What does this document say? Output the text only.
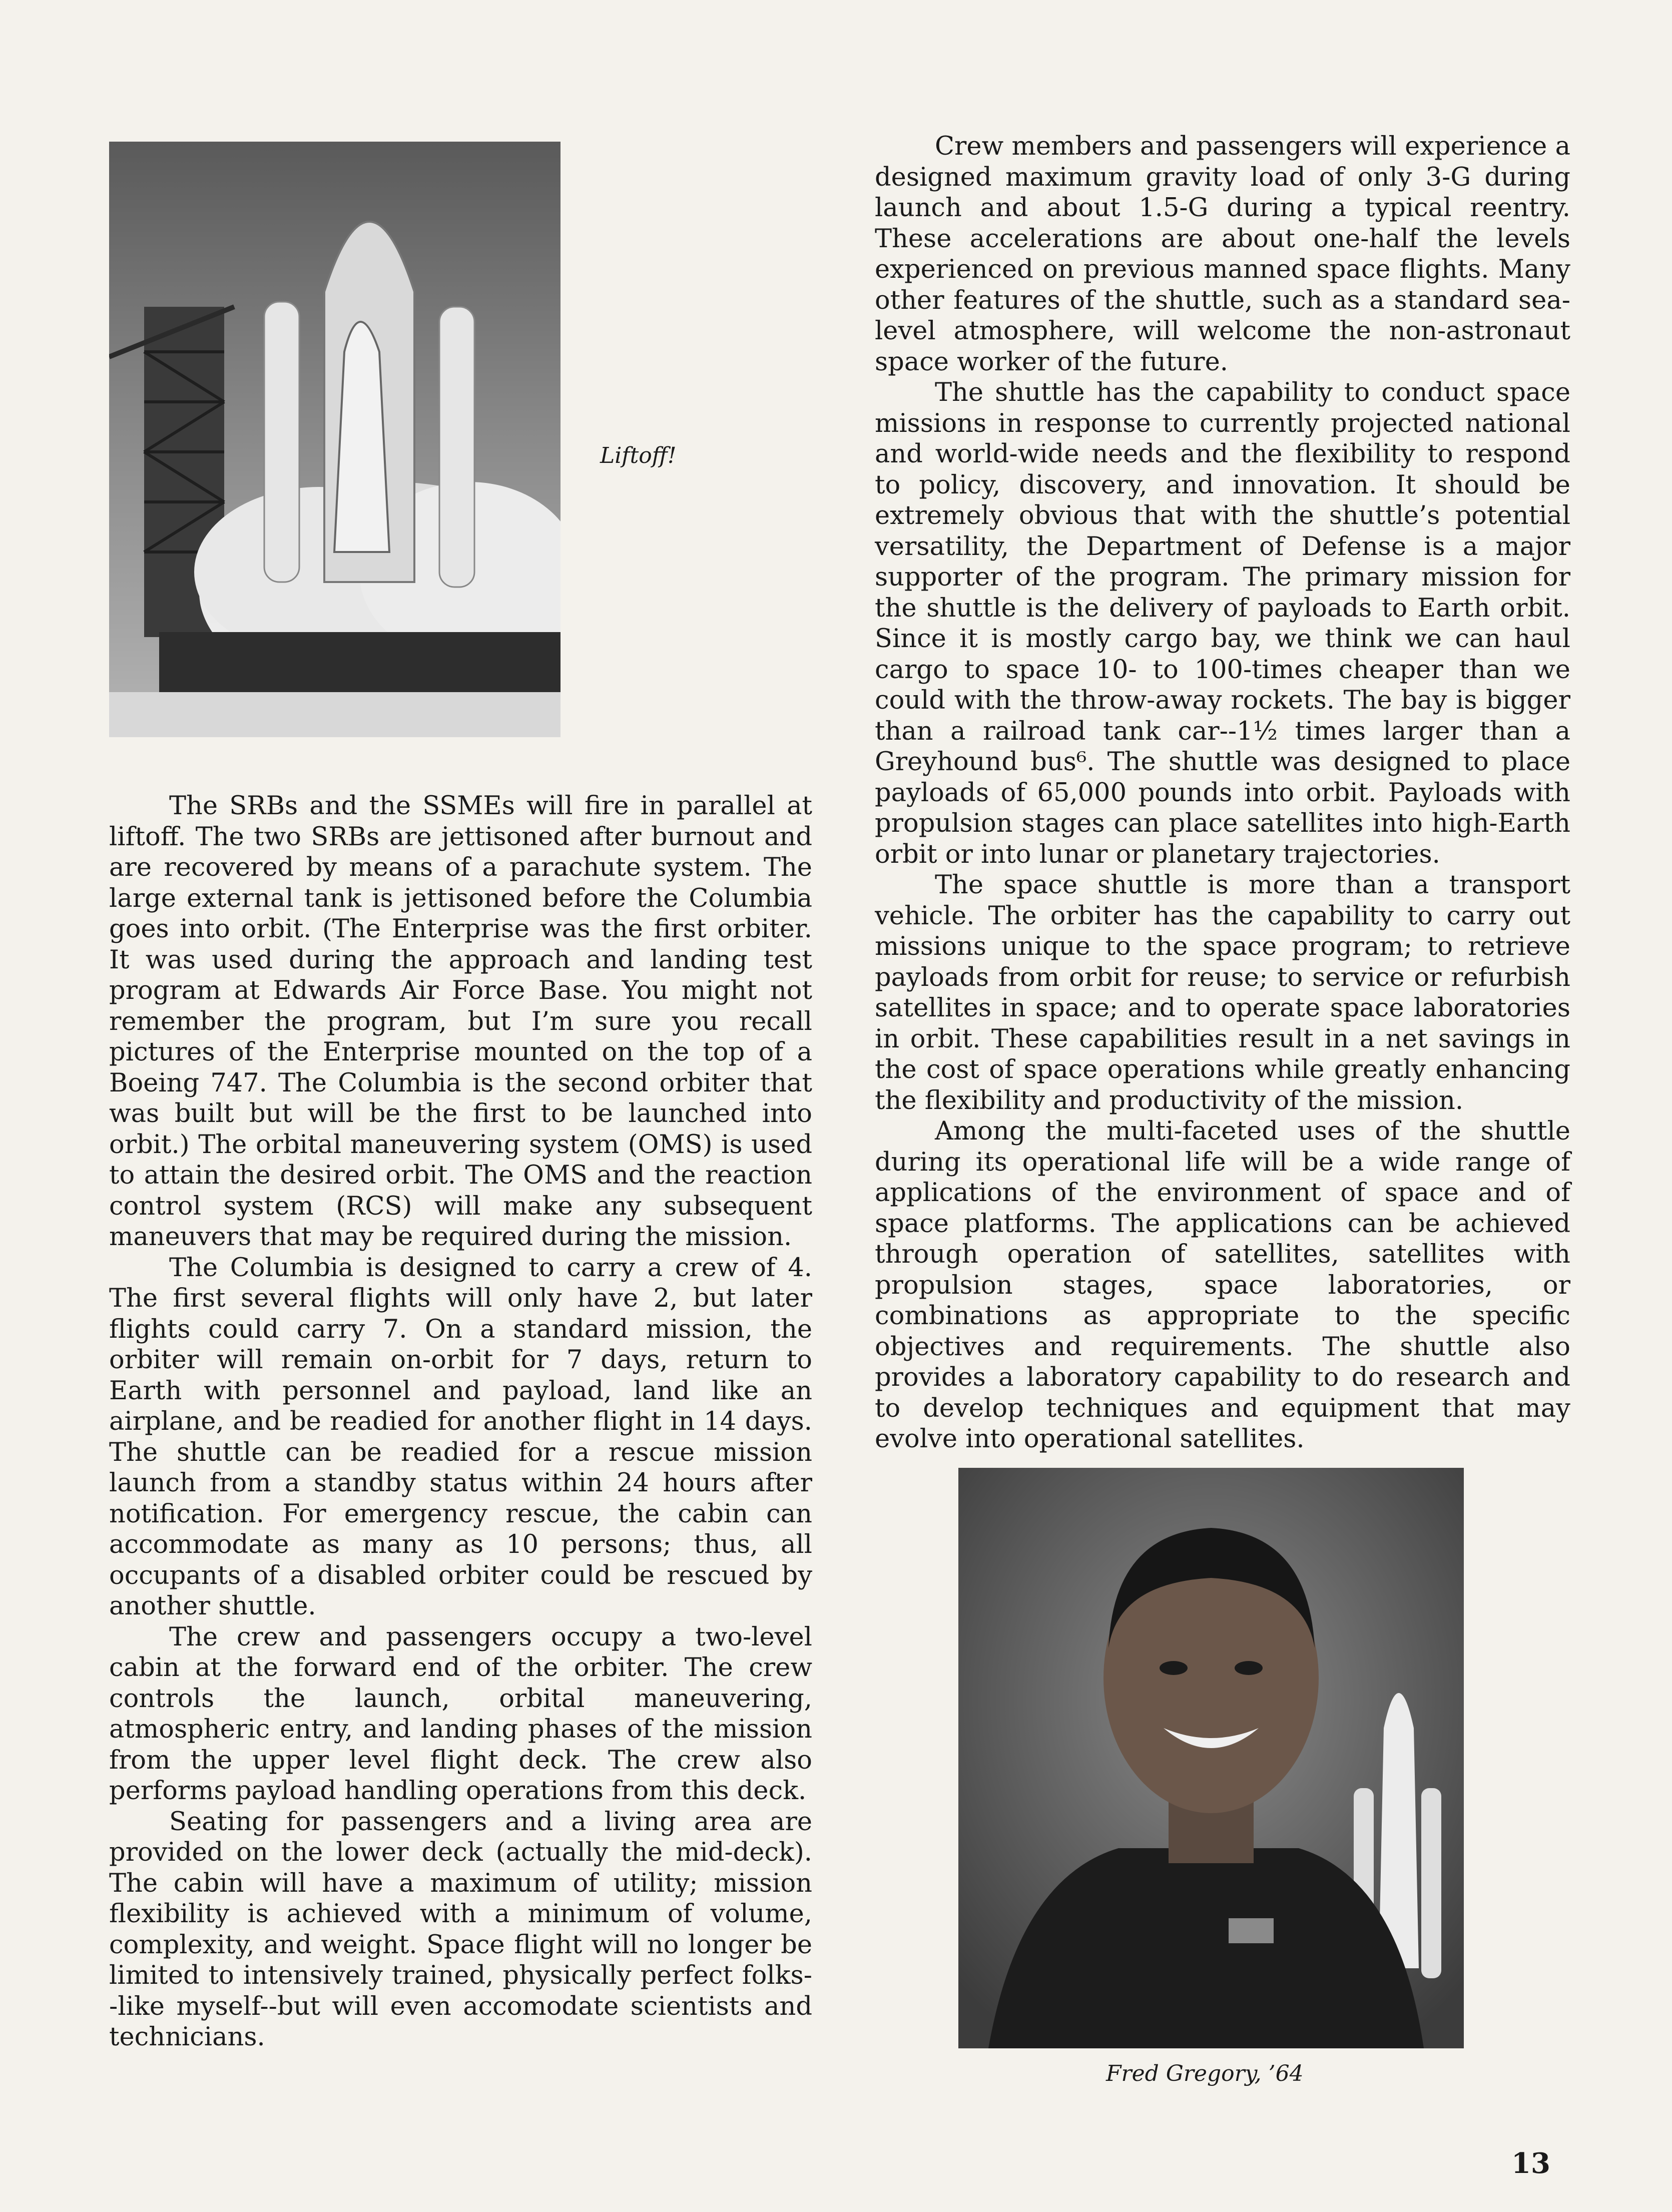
Liftoff!

The SRBs and the SSMEs will fire in parallel at liftoff. The two SRBs are jettisoned after burnout and are recovered by means of a parachute system. The large external tank is jettisoned before the Columbia goes into orbit. (The Enterprise was the first orbiter. It was used during the approach and landing test program at Edwards Air Force Base. You might not remember the program, but I’m sure you recall pictures of the Enterprise mounted on the top of a Boeing 747. The Columbia is the second orbiter that was built but will be the first to be launched into orbit.) The orbital maneuvering system (OMS) is used to attain the desired orbit. The OMS and the reaction control system (RCS) will make any subsequent maneuvers that may be required during the mission.

The Columbia is designed to carry a crew of 4. The first several flights will only have 2, but later flights could carry 7. On a standard mission, the orbiter will remain on-orbit for 7 days, return to Earth with personnel and payload, land like an airplane, and be readied for another flight in 14 days. The shuttle can be readied for a rescue mission launch from a standby status within 24 hours after notification. For emergency rescue, the cabin can accommodate as many as 10 persons; thus, all occupants of a disabled orbiter could be rescued by another shuttle.

The crew and passengers occupy a two-level cabin at the forward end of the orbiter. The crew controls the launch, orbital maneuvering, atmospheric entry, and landing phases of the mission from the upper level flight deck. The crew also performs payload handling operations from this deck.

Seating for passengers and a living area are provided on the lower deck (actually the mid-deck). The cabin will have a maximum of utility; mission flexibility is achieved with a minimum of volume, complexity, and weight. Space flight will no longer be limited to intensively trained, physically perfect folks--like myself--but will even accomodate scientists and technicians.

Crew members and passengers will experience a designed maximum gravity load of only 3-G during launch and about 1.5-G during a typical reentry. These accelerations are about one-half the levels experienced on previous manned space flights. Many other features of the shuttle, such as a standard sea-level atmosphere, will welcome the non-astronaut space worker of the future.

The shuttle has the capability to conduct space missions in response to currently projected national and world-wide needs and the flexibility to respond to policy, discovery, and innovation. It should be extremely obvious that with the shuttle’s potential versatility, the Department of Defense is a major supporter of the program. The primary mission for the shuttle is the delivery of payloads to Earth orbit. Since it is mostly cargo bay, we think we can haul cargo to space 10- to 100-times cheaper than we could with the throw-away rockets. The bay is bigger than a railroad tank car--1½ times larger than a Greyhound bus⁶. The shuttle was designed to place payloads of 65,000 pounds into orbit. Payloads with propulsion stages can place satellites into high-Earth orbit or into lunar or planetary trajectories.

The space shuttle is more than a transport vehicle. The orbiter has the capability to carry out missions unique to the space program; to retrieve payloads from orbit for reuse; to service or refurbish satellites in space; and to operate space laboratories in orbit. These capabilities result in a net savings in the cost of space operations while greatly enhancing the flexibility and productivity of the mission.

Among the multi-faceted uses of the shuttle during its operational life will be a wide range of applications of the environment of space and of space platforms. The applications can be achieved through operation of satellites, satellites with propulsion stages, space laboratories, or combinations as appropriate to the specific objectives and requirements. The shuttle also provides a laboratory capability to do research and to develop techniques and equipment that may evolve into operational satellites.

Fred Gregory, ’64
13
